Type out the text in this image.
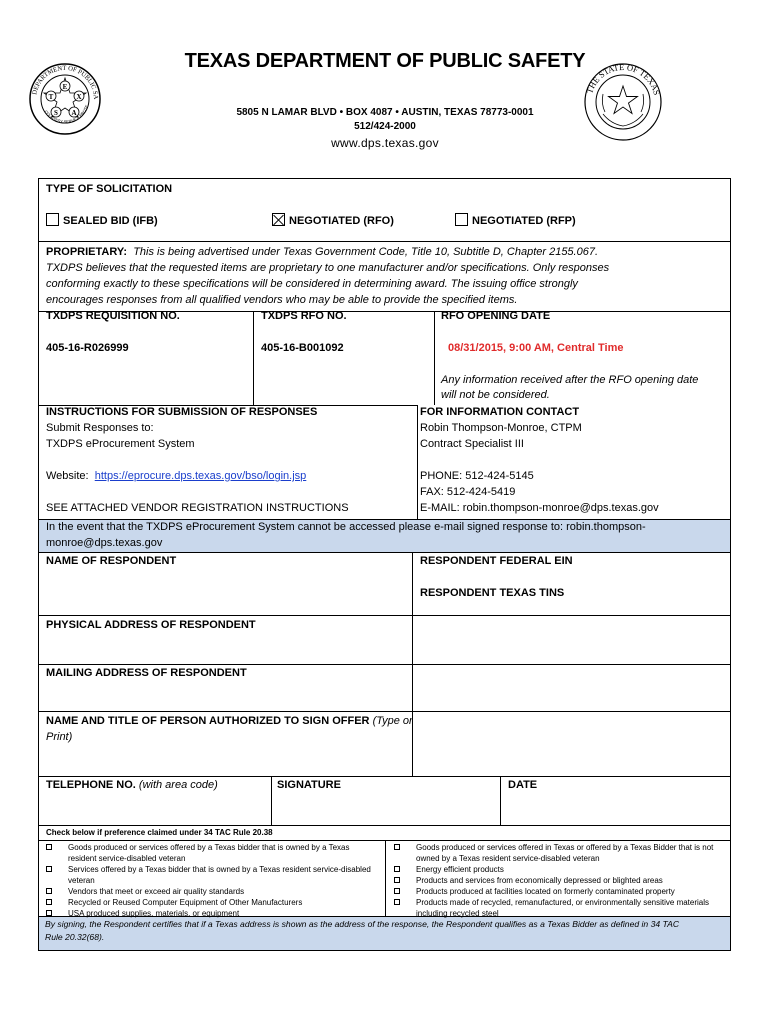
E
T	X
S A
DEPARTMENT OF PUBLIC SA
COURTESY SERVICE PROTE
THE STATE OF TEXAS
TEXAS DEPARTMENT OF PUBLIC SAFETY
5805 N LAMAR BLVD • BOX 4087 • AUSTIN, TEXAS 78773-0001
512/424-2000
www.dps.texas.gov
TYPE OF SOLICITATION
SEALED BID (IFB)	NEGOTIATED (RFO)	NEGOTIATED (RFP)
PROPRIETARY: This is being advertised under Texas Government Code, Title 10, Subtitle D, Chapter 2155.067.
TXDPS believes that the requested items are proprietary to one manufacturer and/or specifications. Only responses
conforming exactly to these specifications will be considered in determining award. The issuing office strongly
encourages responses from all qualified vendors who may be able to provide the specified items.
TXDPS REQUISITION NO.
405-16-R026999
TXDPS RFO NO.
405-16-B001092
RFO OPENING DATE
08/31/2015, 9:00 AM, Central Time
Any information received after the RFO opening date
will not be considered.
INSTRUCTIONS FOR SUBMISSION OF RESPONSES
Submit Responses to:
TXDPS eProcurement System
Website: https://eprocure.dps.texas.gov/bso/login.jsp
SEE ATTACHED VENDOR REGISTRATION INSTRUCTIONS
FOR INFORMATION CONTACT
Robin Thompson-Monroe, CTPM
Contract Specialist III
PHONE: 512-424-5145
FAX: 512-424-5419
E-MAIL: robin.thompson-monroe@dps.texas.gov
In the event that the TXDPS eProcurement System cannot be accessed please e-mail signed response to: robin.thompson-
monroe@dps.texas.gov
NAME OF RESPONDENT	RESPONDENT FEDERAL EIN
RESPONDENT TEXAS TINS
PHYSICAL ADDRESS OF RESPONDENT
MAILING ADDRESS OF RESPONDENT
NAME AND TITLE OF PERSON AUTHORIZED TO SIGN OFFER (Type or
Print)
TELEPHONE NO. (with area code)	SIGNATURE	DATE
Check below if preference claimed under 34 TAC Rule 20.38
Goods produced or services offered by a Texas bidder that is owned by a Texas
resident service-disabled veteran
Services offered by a Texas bidder that is owned by a Texas resident service-disabled
veteran
Vendors that meet or exceed air quality standards
Recycled or Reused Computer Equipment of Other Manufacturers
USA produced supplies, materials, or equipment
Goods produced or services offered in Texas or offered by a Texas Bidder that is not
owned by a Texas resident service-disabled veteran
Energy efficient products
Products and services from economically depressed or blighted areas
Products produced at facilities located on formerly contaminated property
Products made of recycled, remanufactured, or environmentally sensitive materials
including recycled steel
By signing, the Respondent certifies that if a Texas address is shown as the address of the response, the Respondent qualifies as a Texas Bidder as defined in 34 TAC
Rule 20.32(68).
